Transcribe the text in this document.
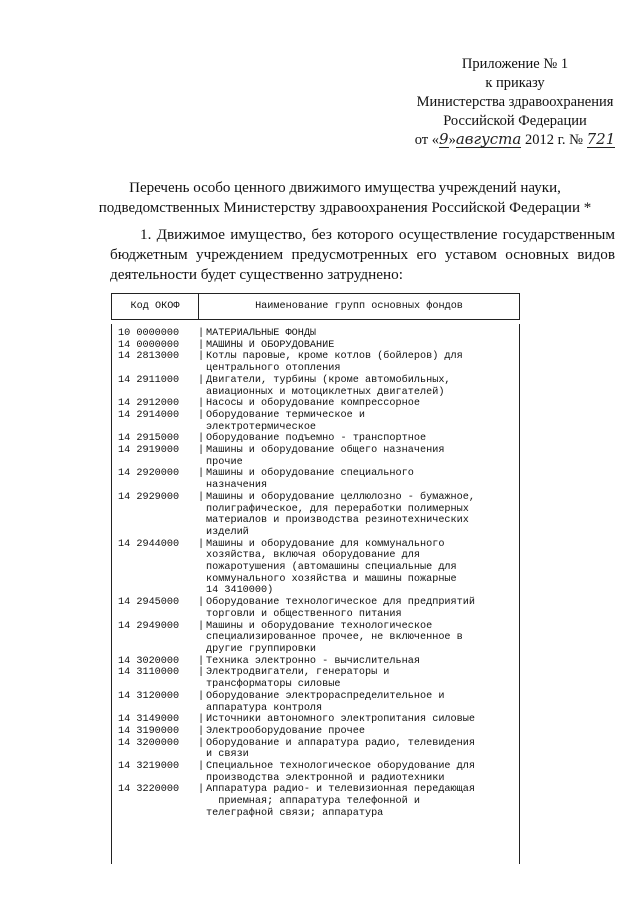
Приложение № 1
к приказу
Министерства здравоохранения
Российской Федерации
от «9»августа 2012 г. № 721
Перечень особо ценного движимого имущества учреждений науки,
подведомственных Министерству здравоохранения Российской Федерации *

1. Движимое имущество, без которого осуществление государственным бюджетным учреждением предусмотренных его уставом основных видов деятельности будет существенно затруднено:

Код ОКОФ	Наименование групп основных фондов
10 0000000 |	МАТЕРИАЛЬНЫЕ ФОНДЫ
14 0000000 |	МАШИНЫ И ОБОРУДОВАНИЕ
14 2813000 |	Котлы паровые, кроме котлов (бойлеров) для
центрального отопления
14 2911000 |	Двигатели, турбины (кроме автомобильных,
авиационных и мотоциклетных двигателей)
14 2912000 |	Насосы и оборудование компрессорное
14 2914000 |	Оборудование термическое и
электротермическое
14 2915000 |	Оборудование подъемно - транспортное
14 2919000 |	Машины и оборудование общего назначения
прочие
14 2920000 |	Машины и оборудование специального
назначения
14 2929000 |	Машины и оборудование целлюлозно - бумажное,
полиграфическое, для переработки полимерных
материалов и производства резинотехнических
изделий
14 2944000 |	Машины и оборудование для коммунального
хозяйства, включая оборудование для
пожаротушения (автомашины специальные для
коммунального хозяйства и машины пожарные
14 3410000)
14 2945000 |	Оборудование технологическое для предприятий
торговли и общественного питания
14 2949000 |	Машины и оборудование технологическое
специализированное прочее, не включенное в
другие группировки
14 3020000 |	Техника электронно - вычислительная
14 3110000 |	Электродвигатели, генераторы и
трансформаторы силовые
14 3120000 |	Оборудование электрораспределительное и
аппаратура контроля
14 3149000 |	Источники автономного электропитания силовые
14 3190000 |	Электрооборудование прочее
14 3200000 |	Оборудование и аппаратура радио, телевидения
и связи
14 3219000 |	Специальное технологическое оборудование для
производства электронной и радиотехники
14 3220000 |	Аппаратура радио- и телевизионная передающая
приемная; аппаратура телефонной и
телеграфной связи; аппаратура
